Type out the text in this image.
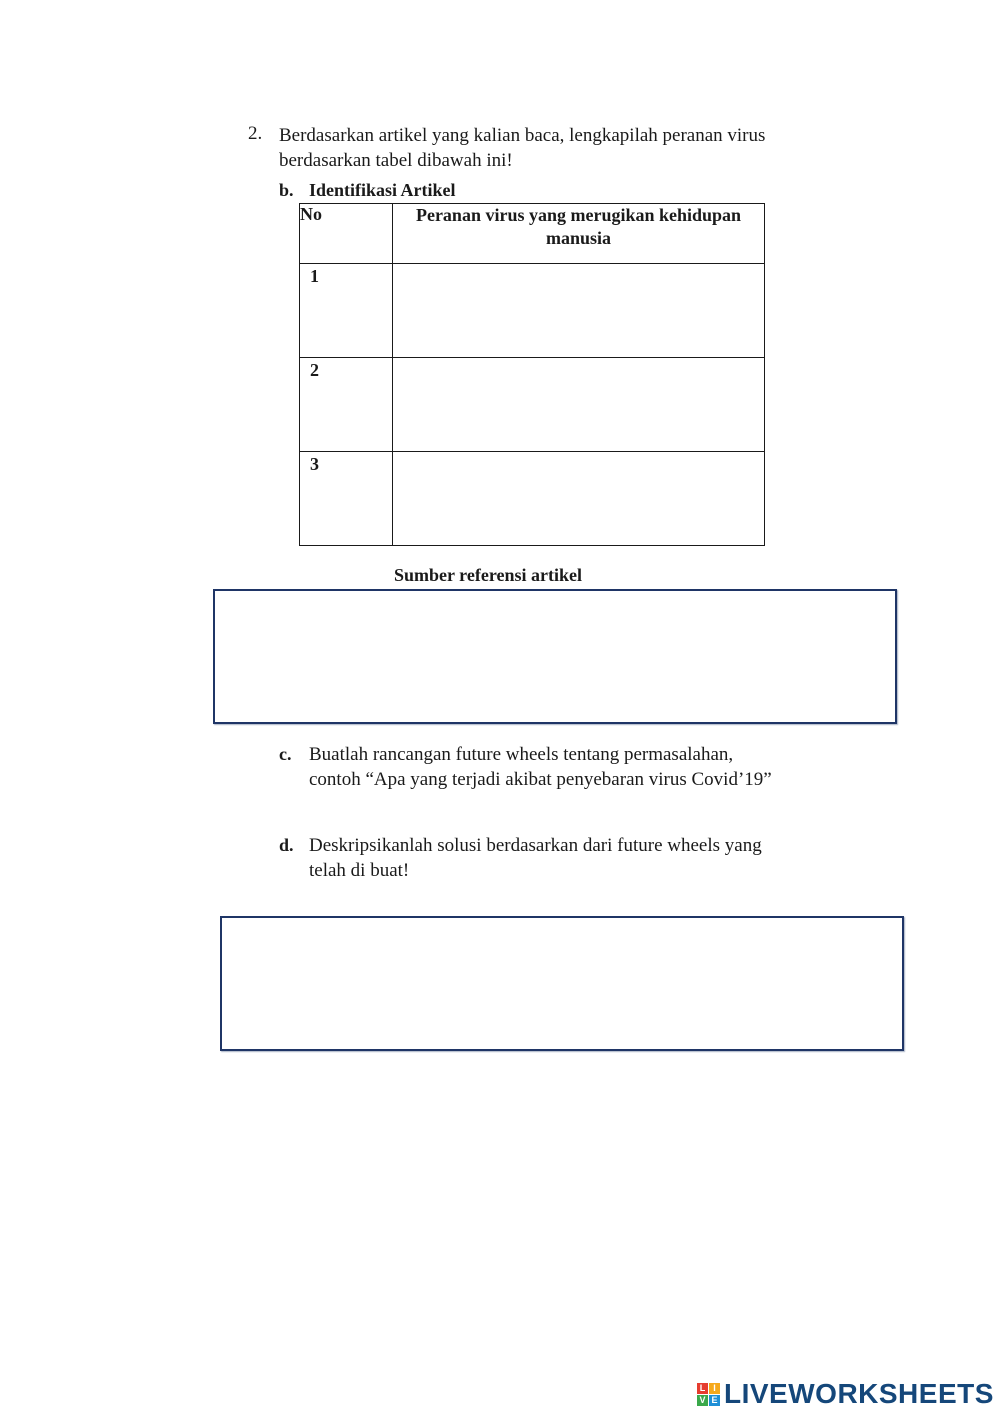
2. Berdasarkan artikel yang kalian baca, lengkapilah peranan virus berdasarkan tabel dibawah ini!
b. Identifikasi Artikel
No	Peranan virus yang merugikan kehidupan manusia
1	
2	
3	
Sumber referensi artikel
c. Buatlah rancangan future wheels tentang permasalahan, contoh “Apa yang terjadi akibat penyebaran virus Covid’19”
d. Deskripsikanlah solusi berdasarkan dari future wheels yang telah di buat!
L I
V E LIVEWORKSHEETS
